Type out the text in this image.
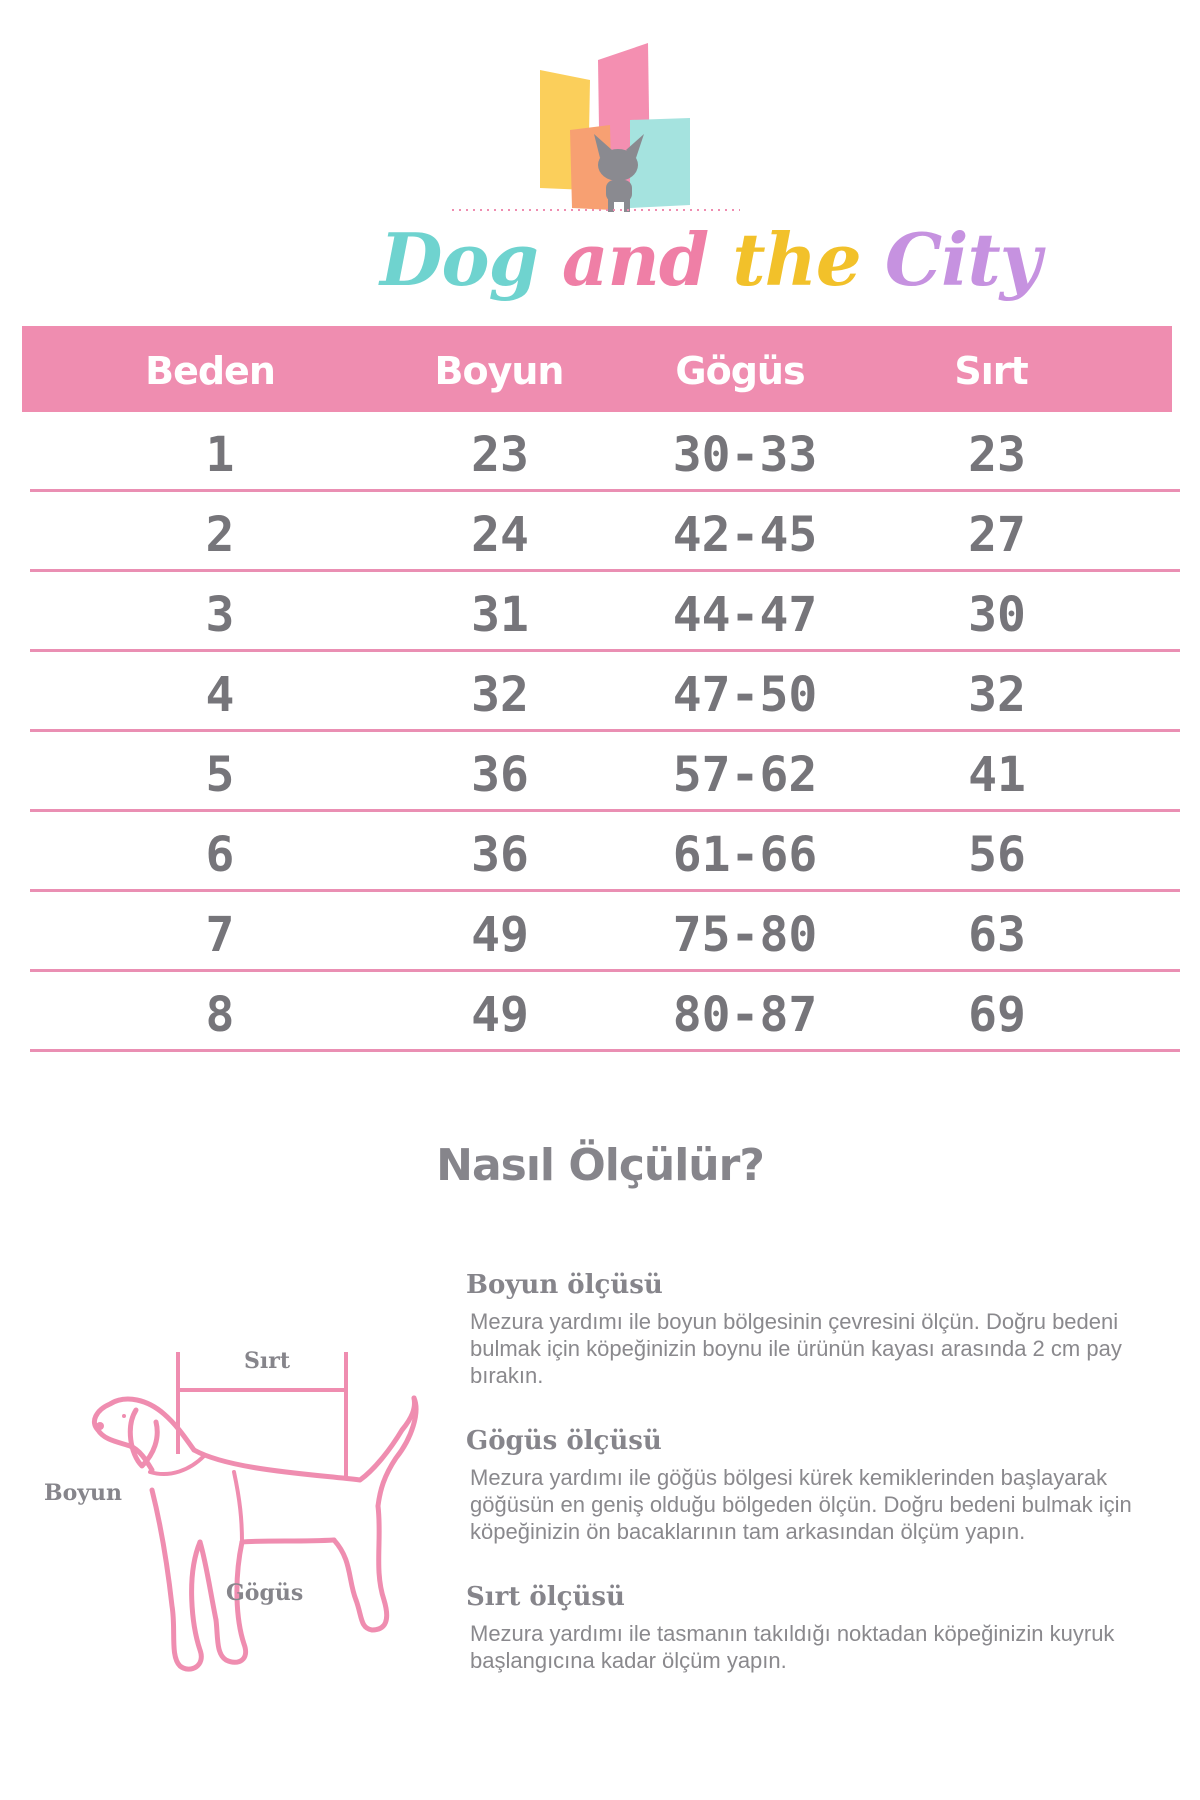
Dog and the City
Beden	Boyun	Gögüs	Sırt
1	23	30-33	23
2	24	42-45	27
3	31	44-47	30
4	32	47-50	32
5	36	57-62	41
6	36	61-66	56
7	49	75-80	63
8	49	80-87	69
Nasıl Ölçülür?
Sırt
Boyun
Gögüs

Boyun ölçüsü

Mezura yardımı ile boyun bölgesinin çevresini ölçün. Doğru bedeni bulmak için köpeğinizin boynu ile ürünün kayası arasında 2 cm pay bırakın.

Gögüs ölçüsü

Mezura yardımı ile göğüs bölgesi kürek kemiklerinden başlayarak göğüsün en geniş olduğu bölgeden ölçün. Doğru bedeni bulmak için köpeğinizin ön bacaklarının tam arkasından ölçüm yapın.

Sırt ölçüsü

Mezura yardımı ile tasmanın takıldığı noktadan köpeğinizin kuyruk başlangıcına kadar ölçüm yapın.
